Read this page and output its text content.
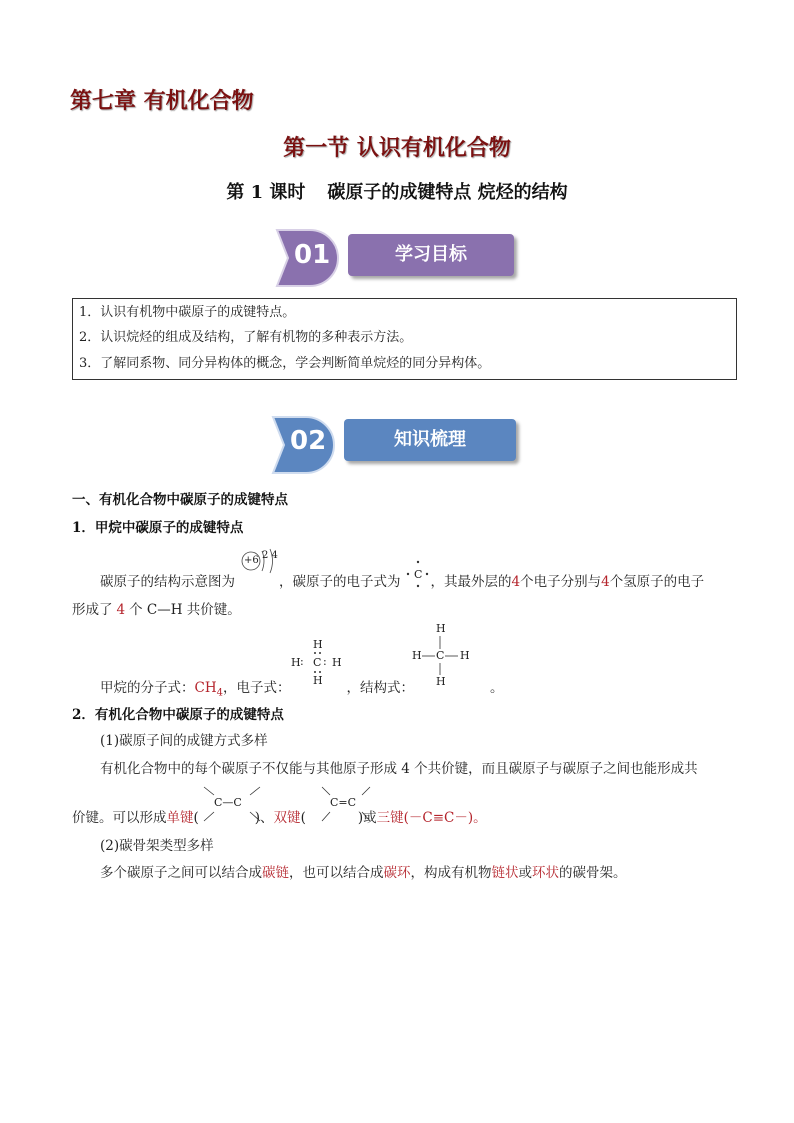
第七章 有机化合物
第一节 认识有机化合物
第 1 课时 碳原子的成键特点 烷烃的结构
01	学习目标
1．认识有机物中碳原子的成键特点。
2．认识烷烃的组成及结构，了解有机物的多种表示方法。
3．了解同系物、同分异构体的概念，学会判断简单烷烃的同分异构体。
02	知识梳理
一、有机化合物中碳原子的成键特点
1．甲烷中碳原子的成键特点
+6 2 4
C
碳原子的结构示意图为	，碳原子的电子式为 ，其最外层的4个电子分别与4个氢原子的电子
形成了 4 个 C—H 共价键。
H
H : C : H
H
H
H C H
H
甲烷的分子式：$CH_4$，电子式：	，结构式：	。
2．有机化合物中碳原子的成键特点
(1)碳原子间的成键方式多样
有机化合物中的每个碳原子不仅能与其他原子形成 4 个共价键，而且碳原子与碳原子之间也能形成共
C—C	C=C
价键。可以形成单键(	)、双键(	)或三键(－C≡C－)。
(2)碳骨架类型多样
多个碳原子之间可以结合成碳链，也可以结合成碳环，构成有机物链状或环状的碳骨架。
